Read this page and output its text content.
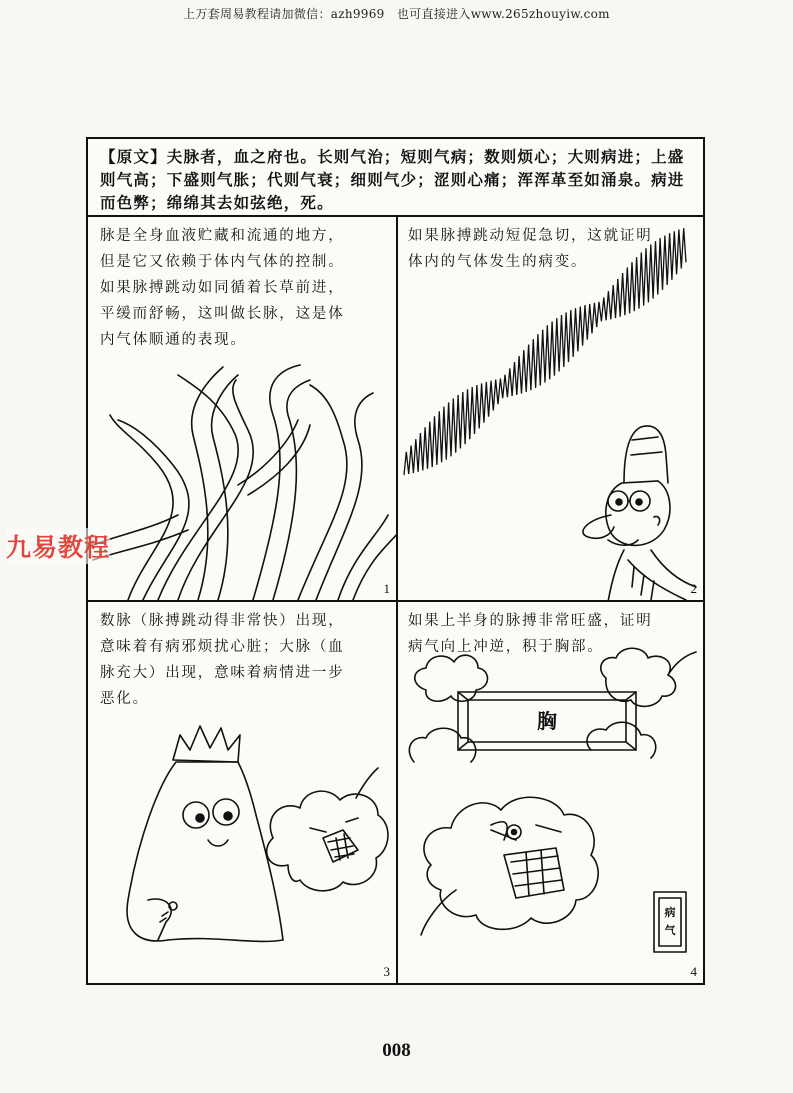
上万套周易教程请加微信：azh9969　也可直接进入www.265zhouyiw.com
【原文】夫脉者，血之府也。长则气治；短则气病；数则烦心；大则病进；上盛则气高；下盛则气胀；代则气衰；细则气少；涩则心痛；浑浑革至如涌泉。病进而色弊；绵绵其去如弦绝，死。
脉是全身血液贮藏和流通的地方，
但是它又依赖于体内气体的控制。
如果脉搏跳动如同循着长草前进，
平缓而舒畅，这叫做长脉，这是体
内气体顺通的表现。
1
如果脉搏跳动短促急切，这就证明
体内的气体发生的病变。
2
数脉（脉搏跳动得非常快）出现，
意味着有病邪烦扰心脏；大脉（血
脉充大）出现，意味着病情进一步
恶化。
3
胸
病
气
如果上半身的脉搏非常旺盛，证明
病气向上冲逆，积于胸部。
4
九易教程
008
